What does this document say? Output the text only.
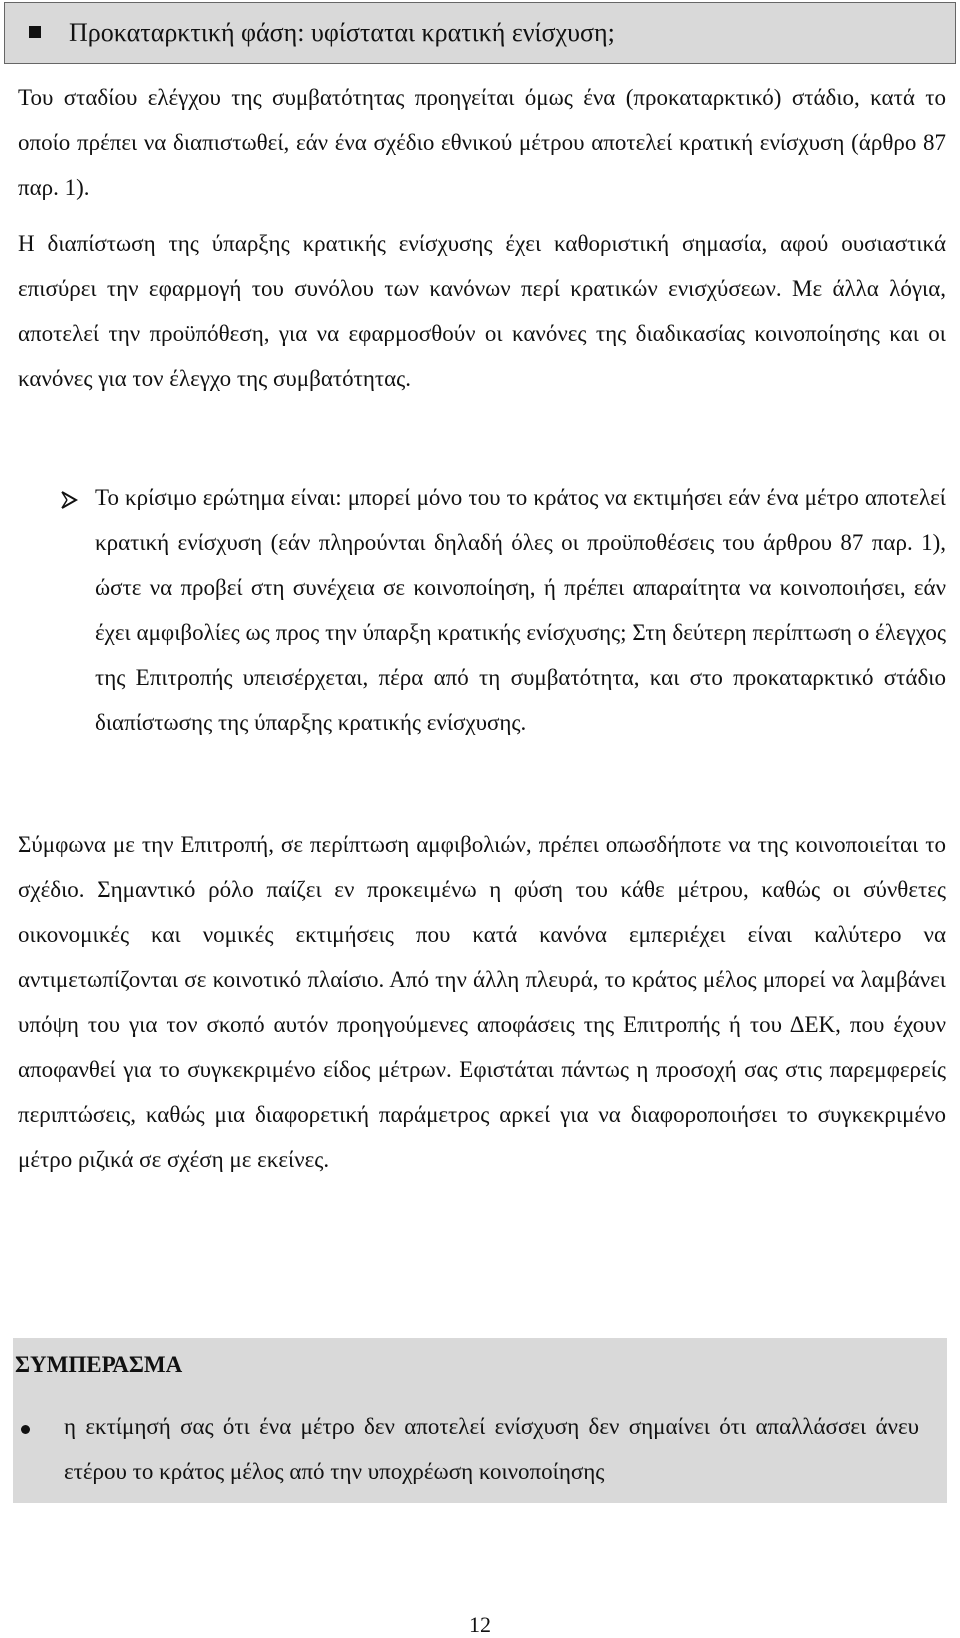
Προκαταρκτική φάση: υφίσταται κρατική ενίσχυση;

Του σταδίου ελέγχου της συμβατότητας προηγείται όμως ένα (προκαταρκτικό) στάδιο, κατά το οποίο πρέπει να διαπιστωθεί, εάν ένα σχέδιο εθνικού μέτρου αποτελεί κρατική ενίσχυση (άρθρο 87 παρ. 1).

Η διαπίστωση της ύπαρξης κρατικής ενίσχυσης έχει καθοριστική σημασία, αφού ουσιαστικά επισύρει την εφαρμογή του συνόλου των κανόνων περί κρατικών ενισχύσεων. Με άλλα λόγια, αποτελεί την προϋπόθεση, για να εφαρμοσθούν οι κανόνες της διαδικασίας κοινοποίησης και οι κανόνες για τον έλεγχο της συμβατότητας.

Το κρίσιμο ερώτημα είναι: μπορεί μόνο του το κράτος να εκτιμήσει εάν ένα μέτρο αποτελεί κρατική ενίσχυση (εάν πληρούνται δηλαδή όλες οι προϋποθέσεις του άρθρου 87 παρ. 1), ώστε να προβεί στη συνέχεια σε κοινοποίηση, ή πρέπει απαραίτητα να κοινοποιήσει, εάν έχει αμφιβολίες ως προς την ύπαρξη κρατικής ενίσχυσης; Στη δεύτερη περίπτωση ο έλεγχος της Επιτροπής υπεισέρχεται, πέρα από τη συμβατότητα, και στο προκαταρκτικό στάδιο διαπίστωσης της ύπαρξης κρατικής ενίσχυσης.

Σύμφωνα με την Επιτροπή, σε περίπτωση αμφιβολιών, πρέπει οπωσδήποτε να της κοινοποιείται το σχέδιο. Σημαντικό ρόλο παίζει εν προκειμένω η φύση του κάθε μέτρου, καθώς οι σύνθετες οικονομικές και νομικές εκτιμήσεις που κατά κανόνα εμπεριέχει είναι καλύτερο να αντιμετωπίζονται σε κοινοτικό πλαίσιο. Από την άλλη πλευρά, το κράτος μέλος μπορεί να λαμβάνει υπόψη του για τον σκοπό αυτόν προηγούμενες αποφάσεις της Επιτροπής ή του ΔΕΚ, που έχουν αποφανθεί για το συγκεκριμένο είδος μέτρων. Εφιστάται πάντως η προσοχή σας στις παρεμφερείς περιπτώσεις, καθώς μια διαφορετική παράμετρος αρκεί για να διαφοροποιήσει το συγκεκριμένο μέτρο ριζικά σε σχέση με εκείνες.

ΣΥΜΠΕΡΑΣΜΑ

η εκτίμησή σας ότι ένα μέτρο δεν αποτελεί ενίσχυση δεν σημαίνει ότι απαλλάσσει άνευ ετέρου το κράτος μέλος από την υποχρέωση κοινοποίησης

12
